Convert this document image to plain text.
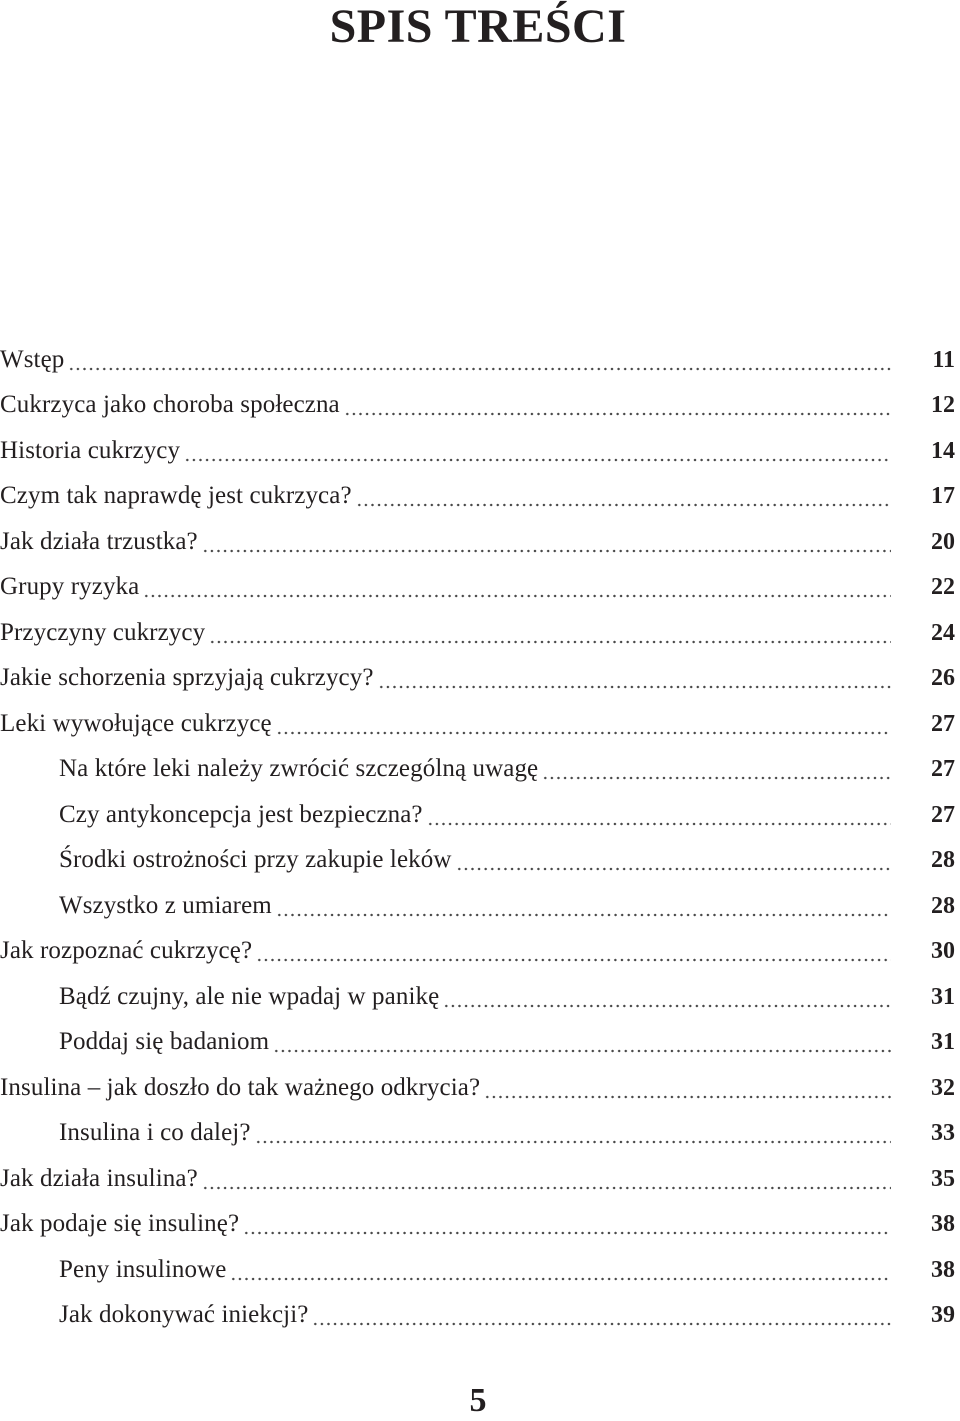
SPIS TREŚCI
Wstęp	11
Cukrzyca jako choroba społeczna	12
Historia cukrzycy	14
Czym tak naprawdę jest cukrzyca?	17
Jak działa trzustka?	20
Grupy ryzyka	22
Przyczyny cukrzycy	24
Jakie schorzenia sprzyjają cukrzycy?	26
Leki wywołujące cukrzycę	27
Na które leki należy zwrócić szczególną uwagę	27
Czy antykoncepcja jest bezpieczna?	27
Środki ostrożności przy zakupie leków	28
Wszystko z umiarem	28
Jak rozpoznać cukrzycę?	30
Bądź czujny, ale nie wpadaj w panikę	31
Poddaj się badaniom	31
Insulina – jak doszło do tak ważnego odkrycia?	32
Insulina i co dalej?	33
Jak działa insulina?	35
Jak podaje się insulinę?	38
Peny insulinowe	38
Jak dokonywać iniekcji?	39
5
